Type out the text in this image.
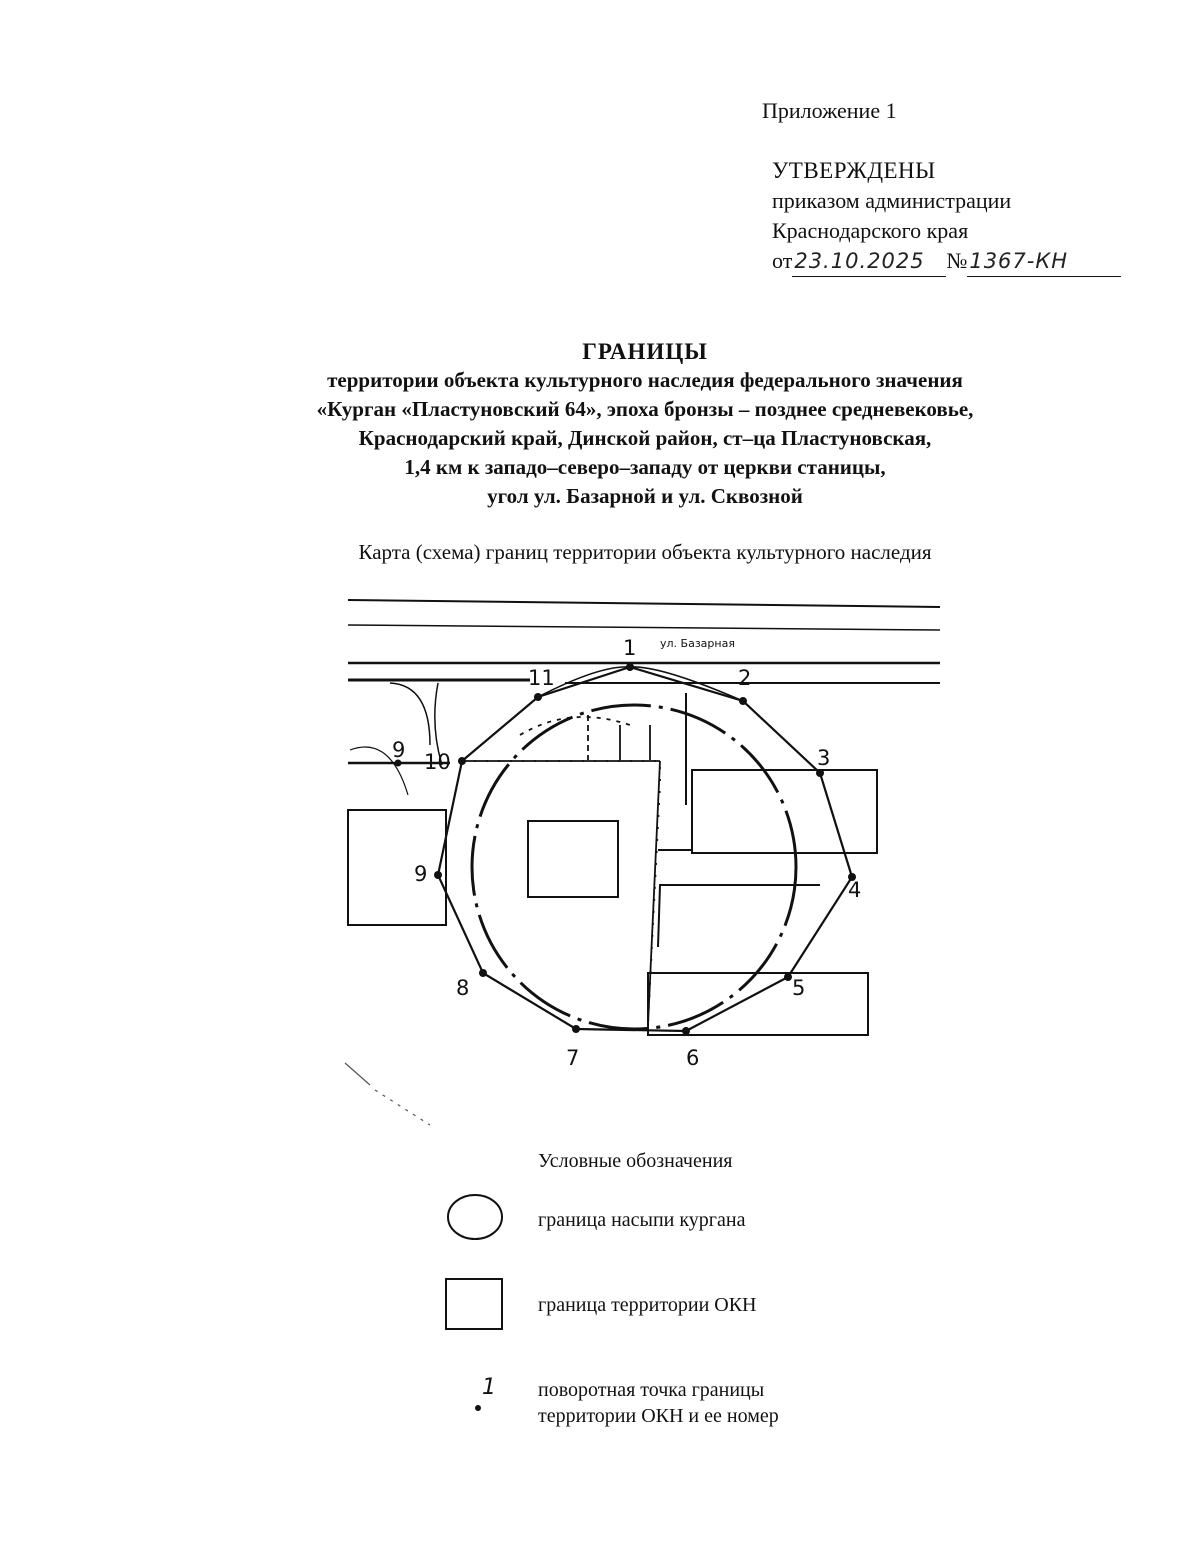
Приложение 1
УТВЕРЖДЕНЫ
приказом администрации
Краснодарского края
от 23.10.2025 № 1367-КН
ГРАНИЦЫ
территории объекта культурного наследия федерального значения
«Курган «Пластуновский 64», эпоха бронзы – позднее средневековье,
Краснодарский край, Динской район, ст–ца Пластуновская,
1,4 км к западо–северо–западу от церкви станицы,
угол ул. Базарной и ул. Сквозной
Карта (схема) границ территории объекта культурного наследия
ул. Базарная
1
2
3
4
5
6
7
8
9
10
11
9
Условные обозначения
граница насыпи кургана
граница территории ОКН
1 поворотная точка границы
территории ОКН и ее номер
